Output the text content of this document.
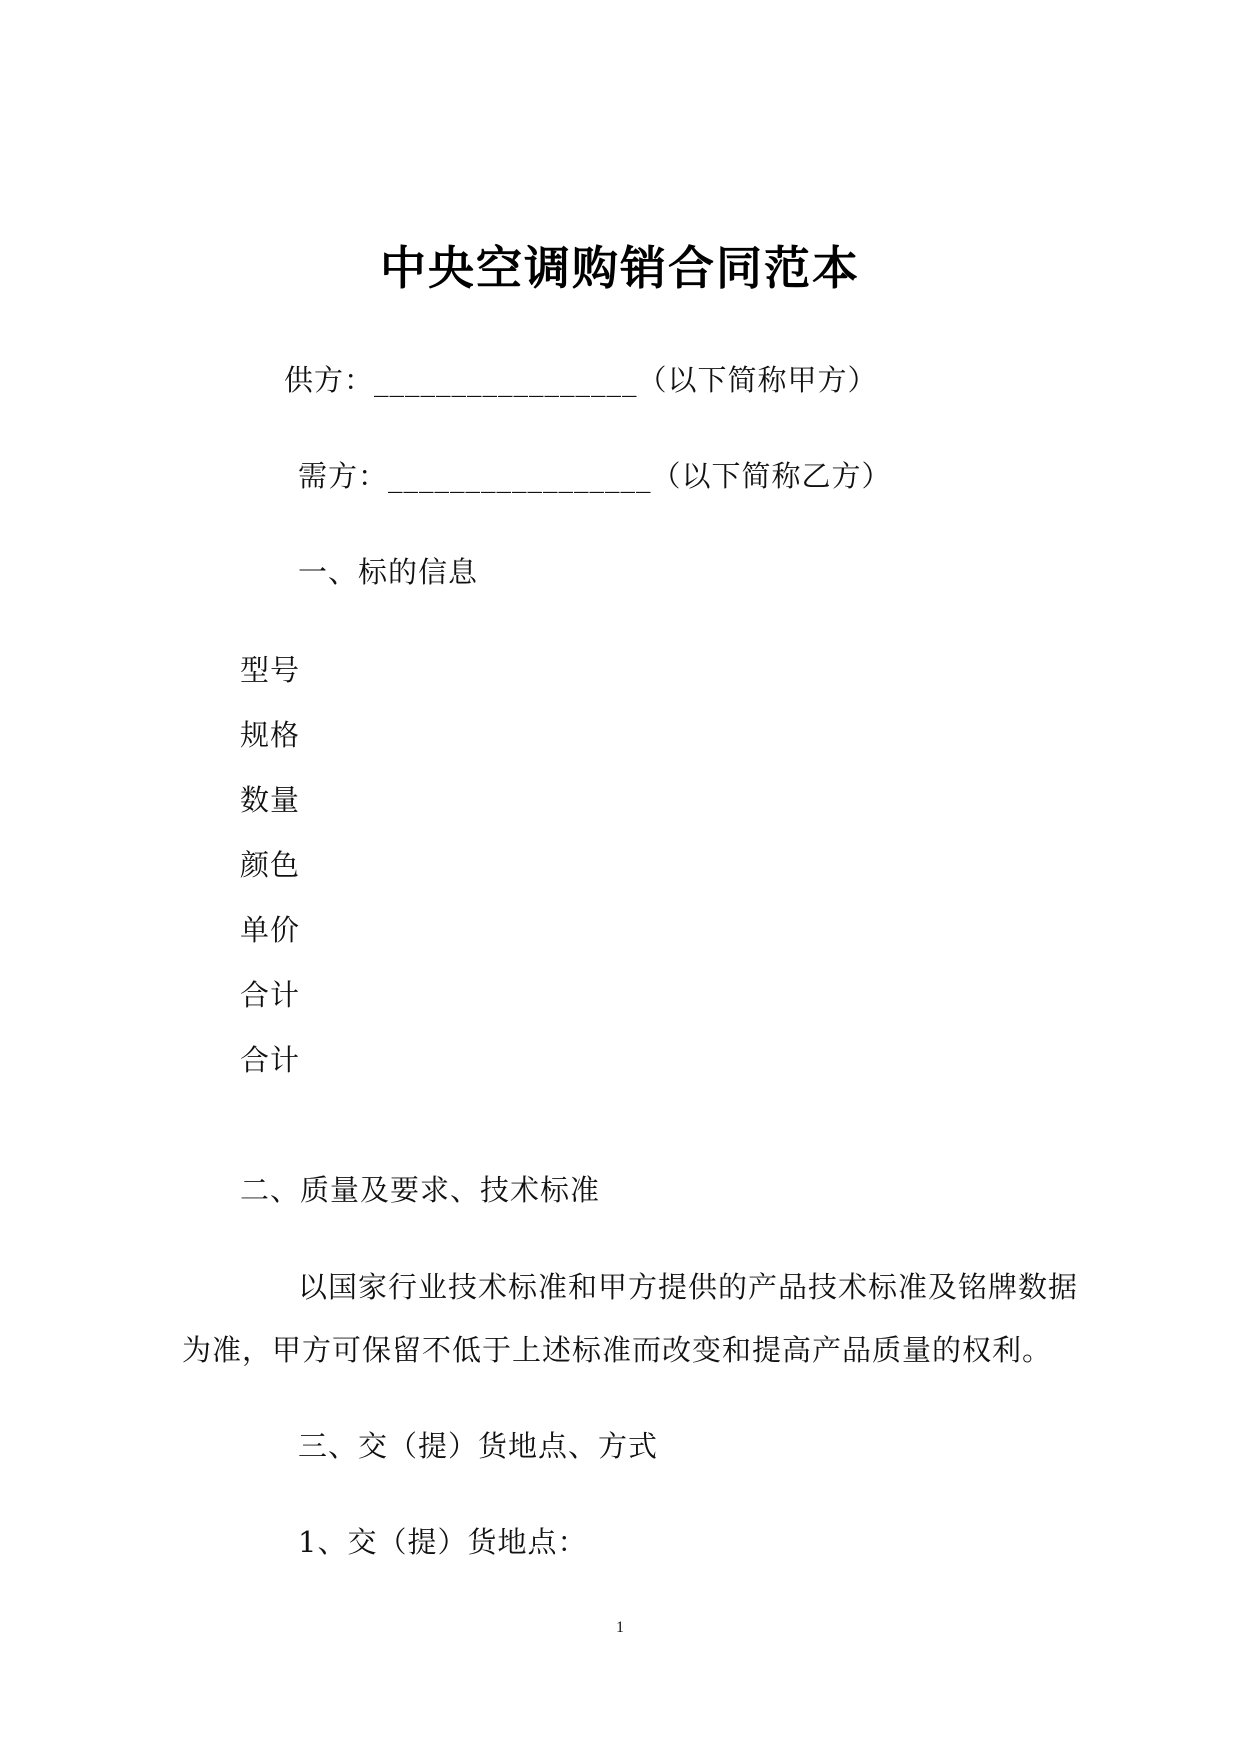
中央空调购销合同范本
供方：_________________（以下简称甲方）
需方：_________________（以下简称乙方）
一、标的信息
型号
规格
数量
颜色
单价
合计
合计
二、质量及要求、技术标准
以国家行业技术标准和甲方提供的产品技术标准及铭牌数据
为准，甲方可保留不低于上述标准而改变和提高产品质量的权利。
三、交（提）货地点、方式
1、交（提）货地点：
1
